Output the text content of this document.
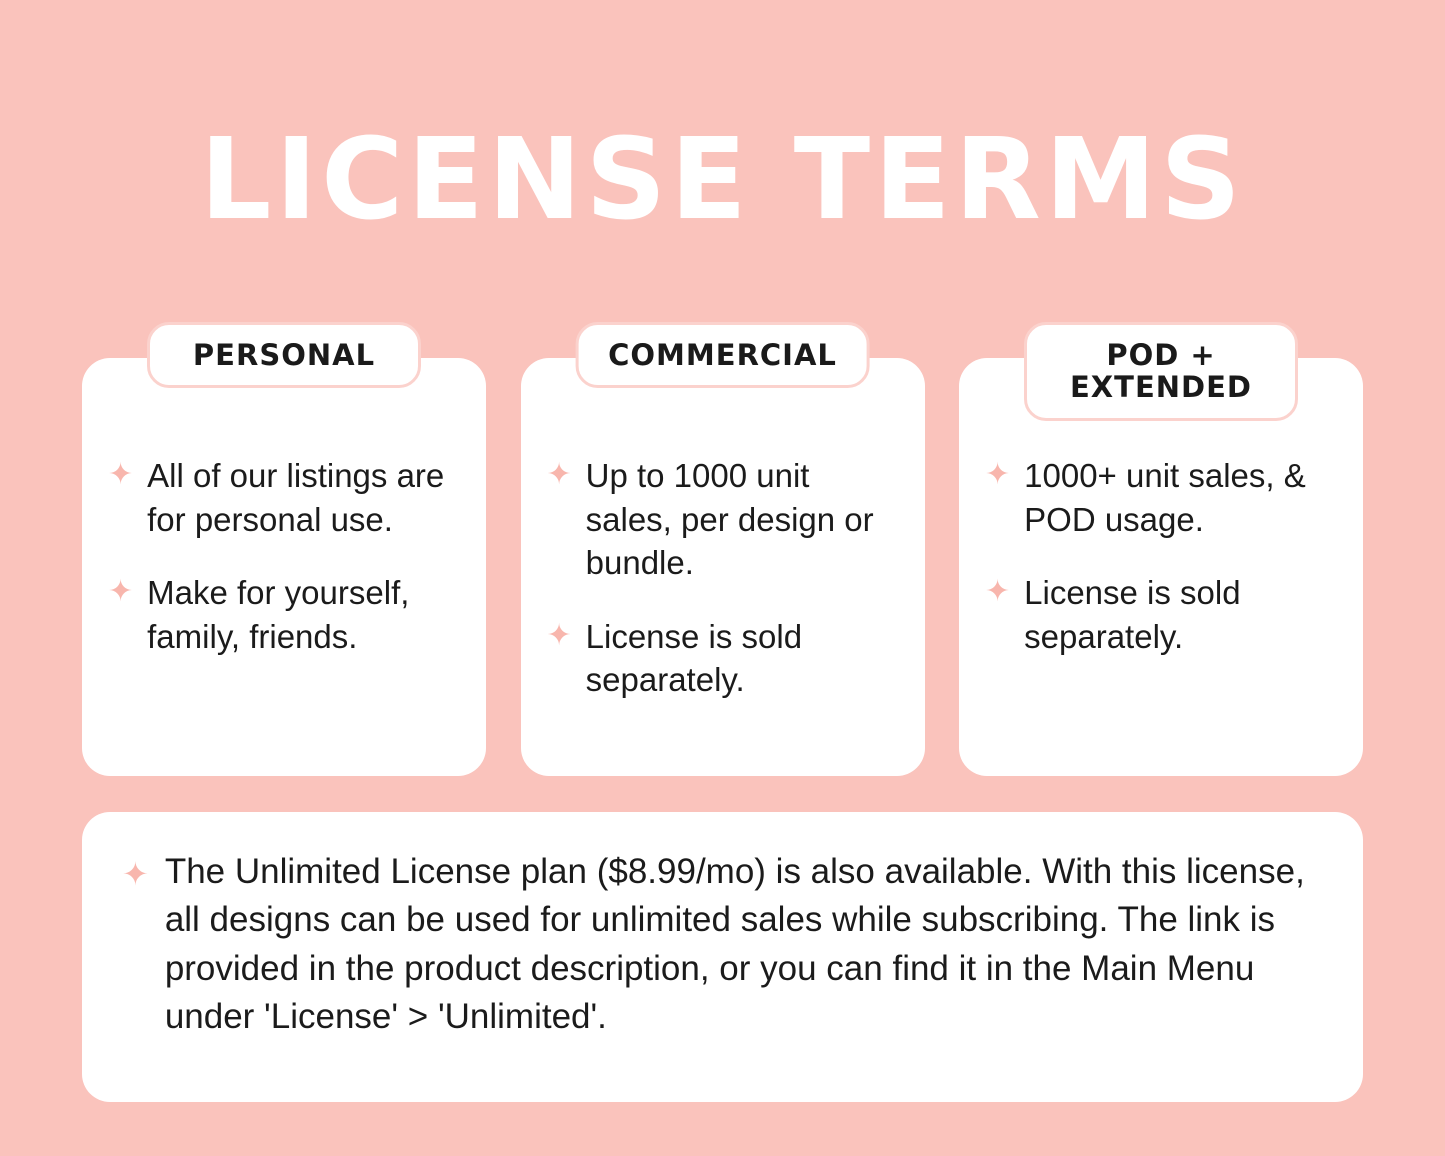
LICENSE TERMS
PERSONAL
✦ All of our listings are for personal use.
✦ Make for yourself, family, friends.
COMMERCIAL
✦ Up to 1000 unit sales, per design or bundle.
✦ License is sold separately.
POD + EXTENDED
✦ 1000+ unit sales, & POD usage.
✦ License is sold separately.
✦ The Unlimited License plan ($8.99/mo) is also available. With this license, all designs can be used for unlimited sales while subscribing. The link is provided in the product description, or you can find it in the Main Menu under 'License' > 'Unlimited'.
